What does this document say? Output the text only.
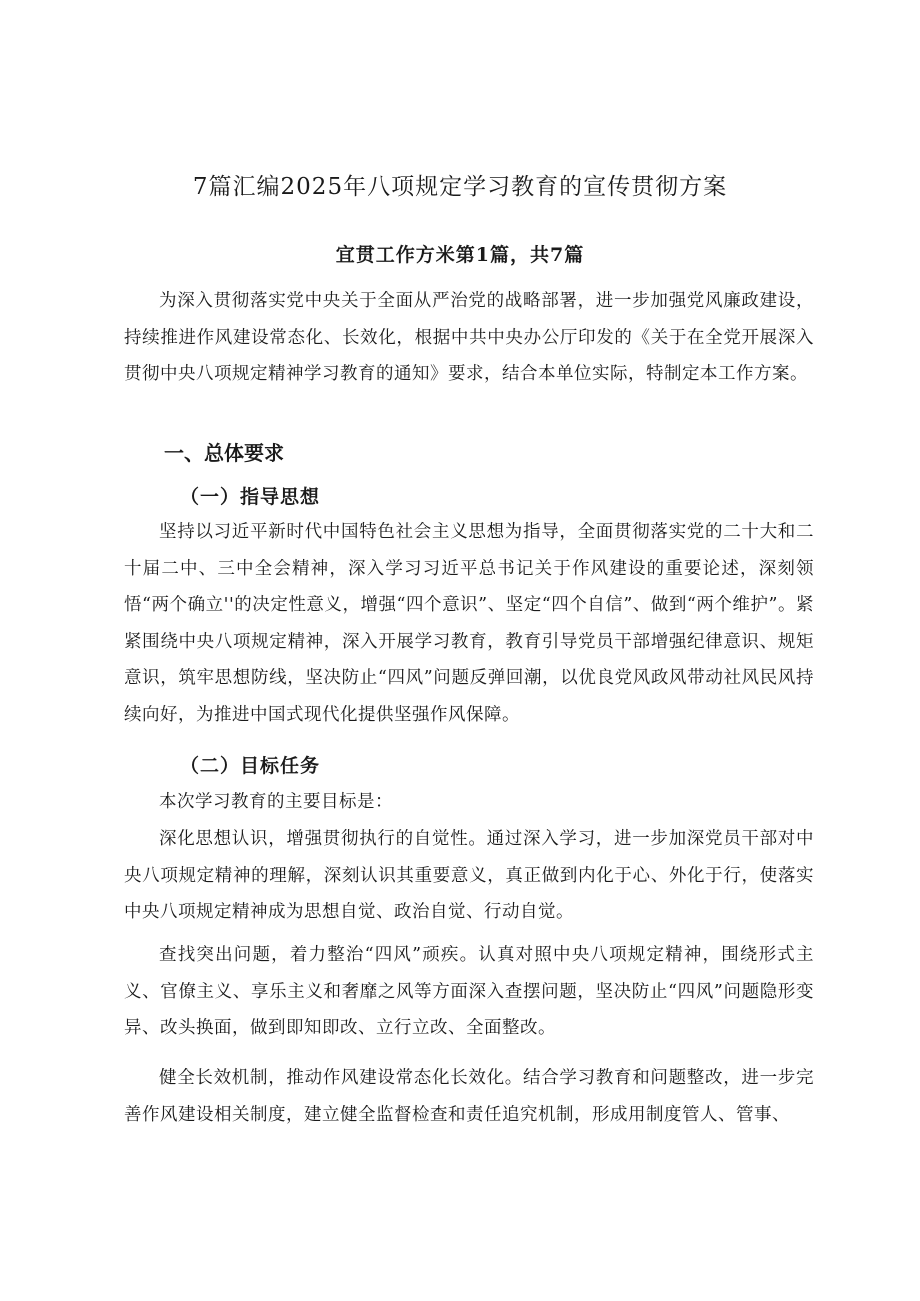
7篇汇编2025年八项规定学习教育的宣传贯彻方案
宜贯工作方米第1篇，共7篇

为深入贯彻落实党中央关于全面从严治党的战略部署，进一步加强党风廉政建设，持续推进作风建设常态化、长效化，根据中共中央办公厅印发的《关于在全党开展深入贯彻中央八项规定精神学习教育的通知》要求，结合本单位实际，特制定本工作方案。

一、总体要求
（一）指导思想

坚持以习近平新时代中国特色社会主义思想为指导，全面贯彻落实党的二十大和二十届二中、三中全会精神，深入学习习近平总书记关于作风建设的重要论述，深刻领悟“两个确立''的决定性意义，增强“四个意识”、坚定“四个自信”、做到“两个维护”。紧紧围绕中央八项规定精神，深入开展学习教育，教育引导党员干部增强纪律意识、规矩意识，筑牢思想防线，坚决防止“四风”问题反弹回潮，以优良党风政风带动社风民风持续向好，为推进中国式现代化提供坚强作风保障。

（二）目标任务

本次学习教育的主要目标是：

深化思想认识，增强贯彻执行的自觉性。通过深入学习，进一步加深党员干部对中央八项规定精神的理解，深刻认识其重要意义，真正做到内化于心、外化于行，使落实中央八项规定精神成为思想自觉、政治自觉、行动自觉。

查找突出问题，着力整治“四风”顽疾。认真对照中央八项规定精神，围绕形式主义、官僚主义、享乐主义和奢靡之风等方面深入查摆问题，坚决防止“四风”问题隐形变异、改头换面，做到即知即改、立行立改、全面整改。

健全长效机制，推动作风建设常态化长效化。结合学习教育和问题整改，进一步完善作风建设相关制度，建立健全监督检查和责任追究机制，形成用制度管人、管事、
